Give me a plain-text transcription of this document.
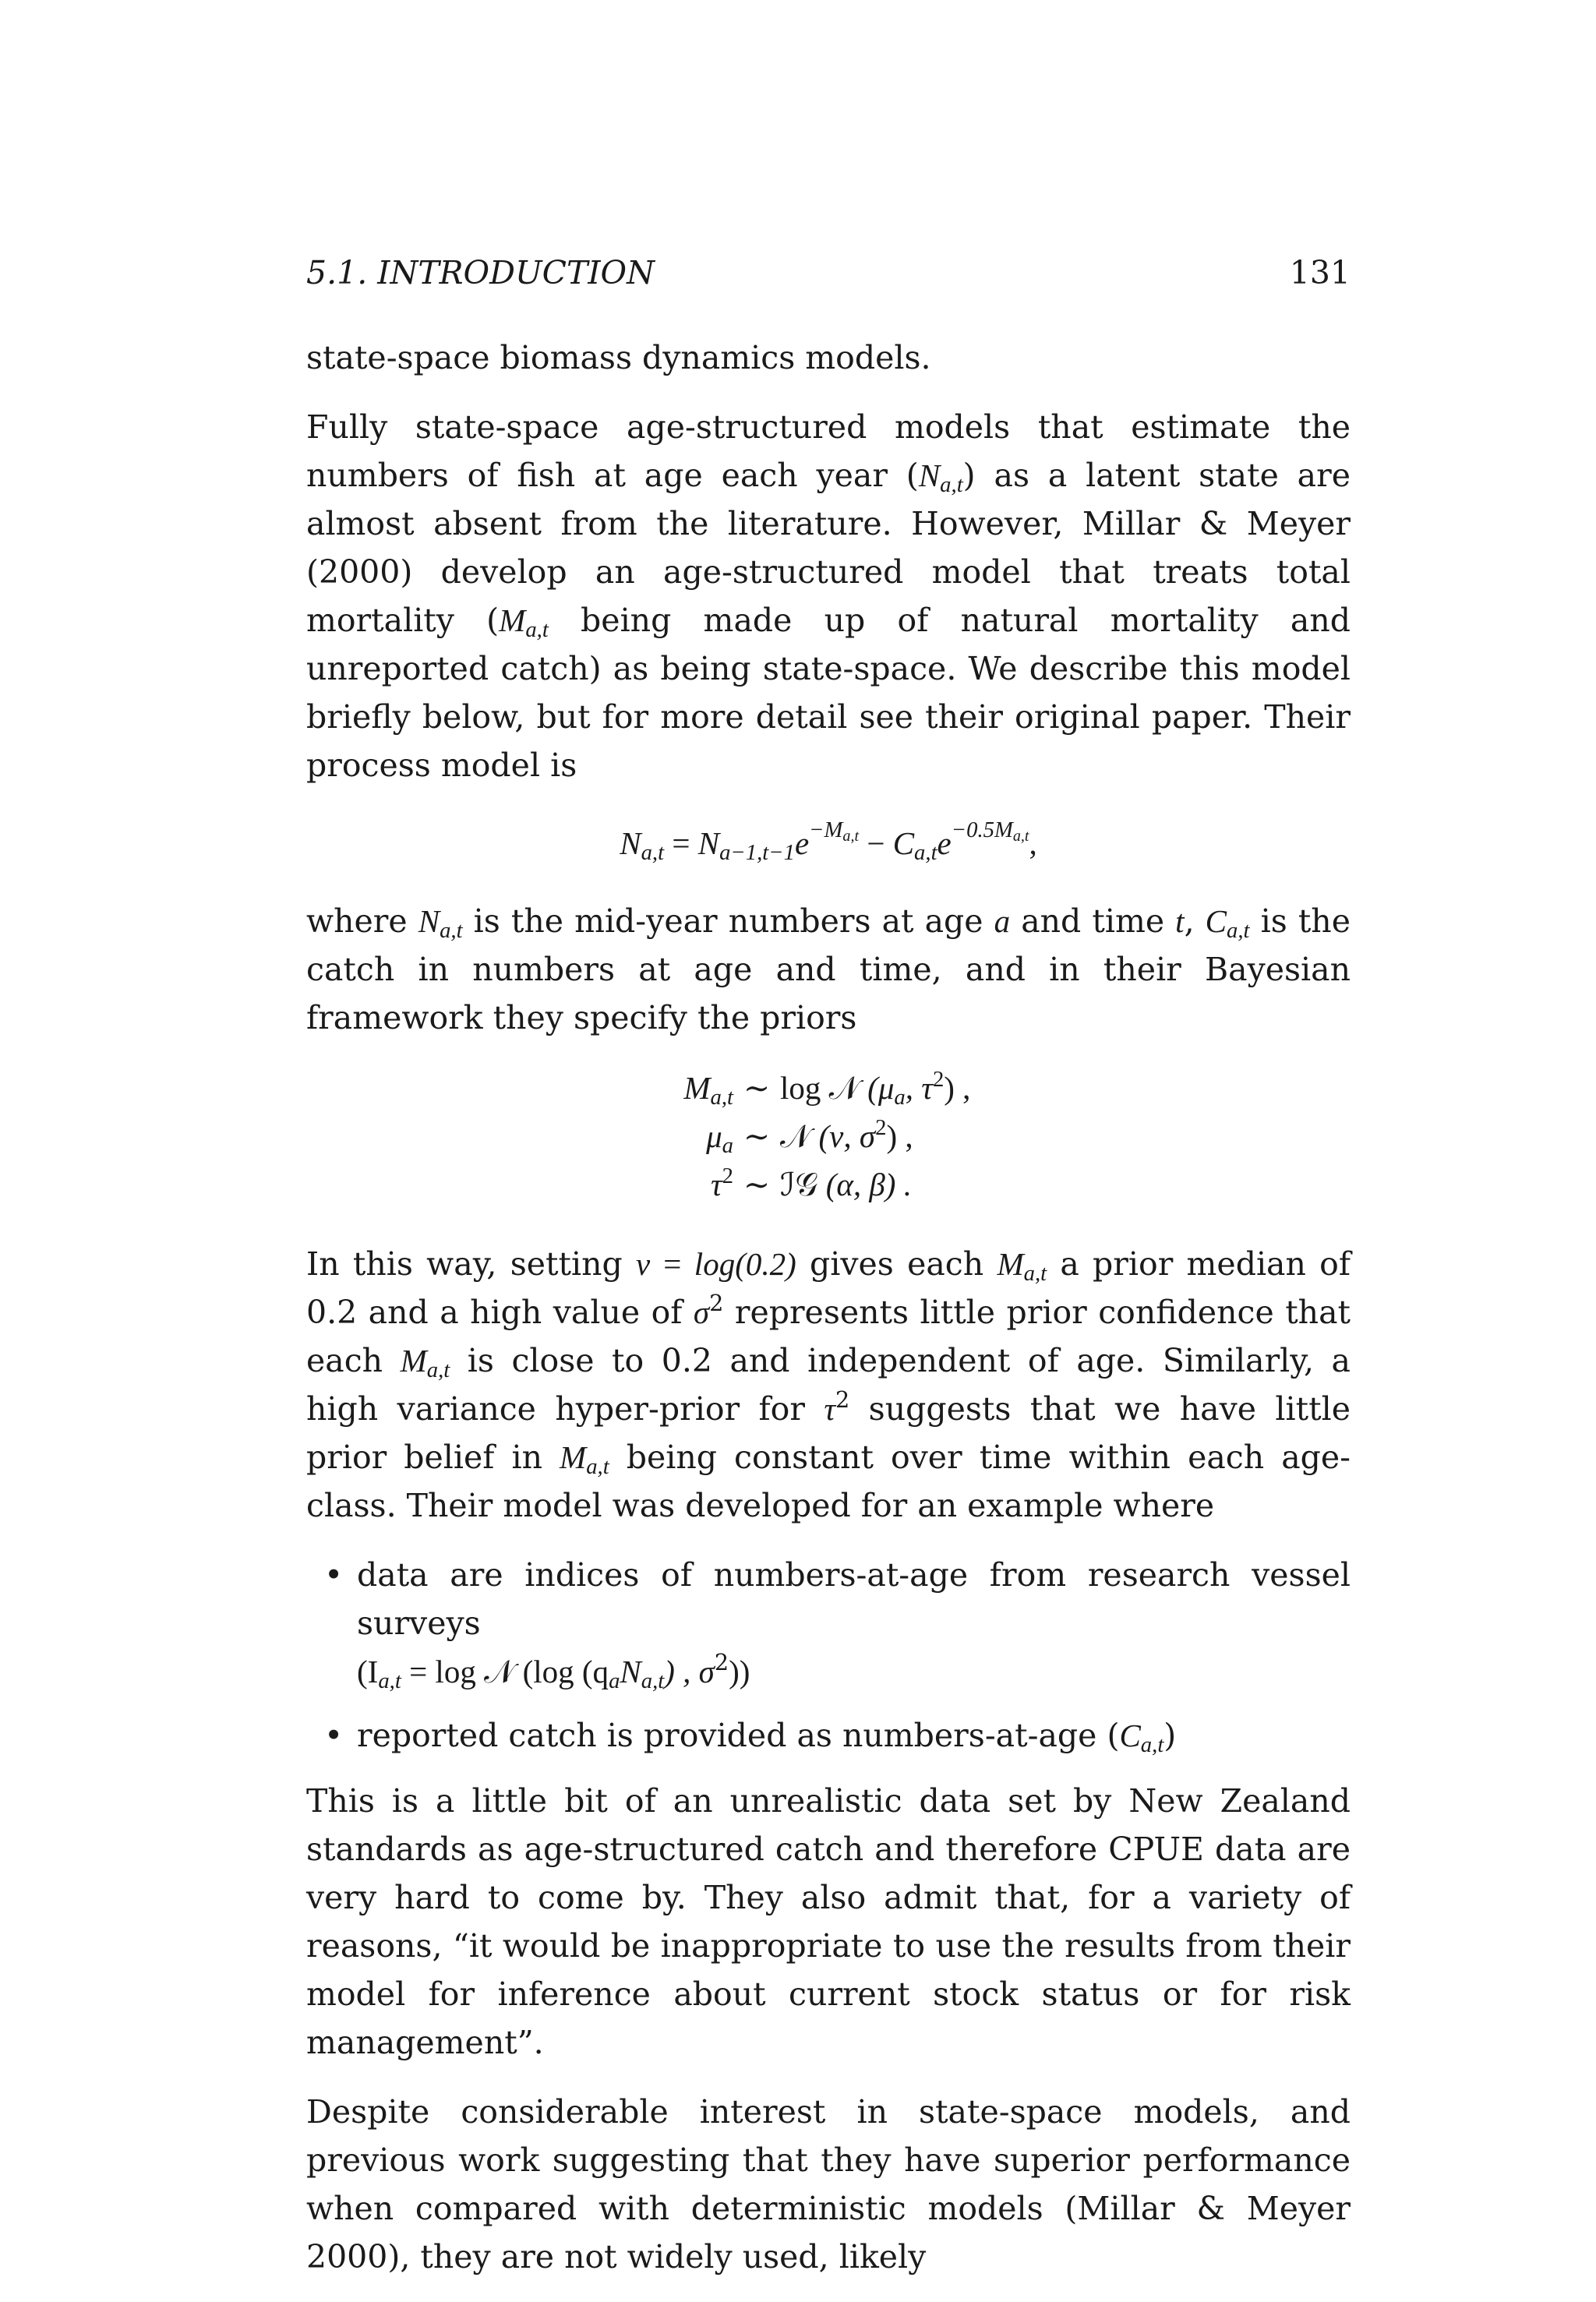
5.1. INTRODUCTION	131

state-space biomass dynamics models.

Fully state-space age-structured models that estimate the numbers of fish at age each year $(N_{a,t})$ as a latent state are almost absent from the literature. However, Millar & Meyer (2000) develop an age-structured model that treats total mortality ($M_{a,t}$ being made up of natural mortality and unreported catch) as being state-space. We describe this model briefly below, but for more detail see their original paper. Their process model is

$N_{a,t} = N_{a-1,t-1}e^{-M_{a,t}} - C_{a,t}e^{-0.5M_{a,t}}$,

where $N_{a,t}$ is the mid-year numbers at age a and time t, $C_{a,t}$ is the catch in numbers at age and time, and in their Bayesian framework they specify the priors

$M_{a,t}$ ∼ log 𝒩 ($\mu_a$, $\tau^2$) ,
$\mu_a$ ∼ 𝒩 (ν, $\sigma^2$) ,
$\tau^2$ ∼ ℐ𝒢 (α, β) .

In this way, setting ν = log(0.2) gives each $M_{a,t}$ a prior median of 0.2 and a high value of $\sigma^2$ represents little prior confidence that each $M_{a,t}$ is close to 0.2 and independent of age. Similarly, a high variance hyper-prior for $\tau^2$ suggests that we have little prior belief in $M_{a,t}$ being constant over time within each age-class. Their model was developed for an example where

• data are indices of numbers-at-age from research vessel surveys
($I_{a,t} = \log$ 𝒩 (log $(q_aN_{a,t})$ , $\sigma^2$))
• reported catch is provided as numbers-at-age $(C_{a,t})$

This is a little bit of an unrealistic data set by New Zealand standards as age-structured catch and therefore CPUE data are very hard to come by. They also admit that, for a variety of reasons, “it would be inappropriate to use the results from their model for inference about current stock status or for risk management”.

Despite considerable interest in state-space models, and previous work suggesting that they have superior performance when compared with deterministic models (Millar & Meyer 2000), they are not widely used, likely
